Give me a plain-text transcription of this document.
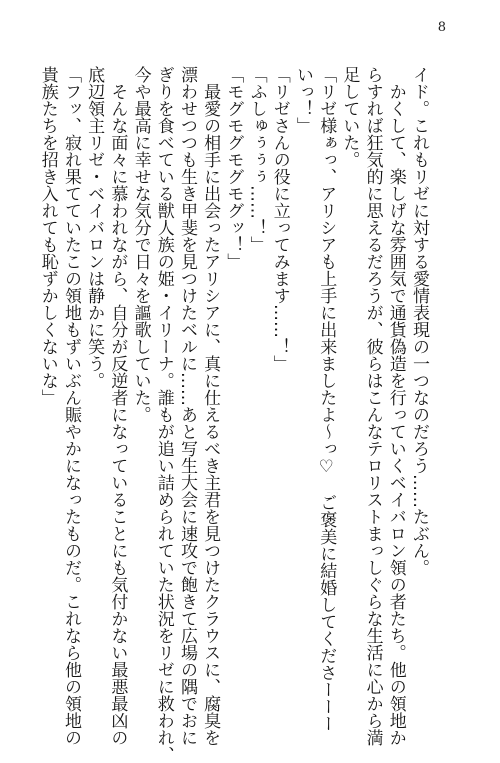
8

イド。これもリゼに対する愛情表現の一つなのだろう……たぶん。

　かくして、楽しげな雰囲気で通貨偽造を行っていくベイバロン領の者たち。他の領地か

らすれば狂気的に思えるだろうが、彼らはこんなテロリストまっしぐらな生活に心から満

足していた。

「リゼ様ぁっ、アリシアも上手に出来ましたよ～っ♡　ご褒美に結婚してくださーーー

いっ！」

「リゼさんの役に立ってみます……！」

「ふしゅぅぅぅ……！」

「モグモグモグモグッ！」

　最愛の相手に出会ったアリシアに、真に仕えるべき主君を見つけたクラウスに、腐臭を

漂わせつつも生き甲斐を見つけたベルに……あと写生大会に速攻で飽きて広場の隅でおに

ぎりを食べている獣人族の姫・イリーナ。誰もが追い詰められていた状況をリゼに救われ、

今や最高に幸せな気分で日々を謳歌していた。

　そんな面々に慕われながら、自分が反逆者になっていることにも気付かない最悪最凶の

底辺領主リゼ・ベイバロンは静かに笑う。

「フッ、寂れ果てていたこの領地もずいぶん賑やかになったものだ。これなら他の領地の

貴族たちを招き入れても恥ずかしくないな」
